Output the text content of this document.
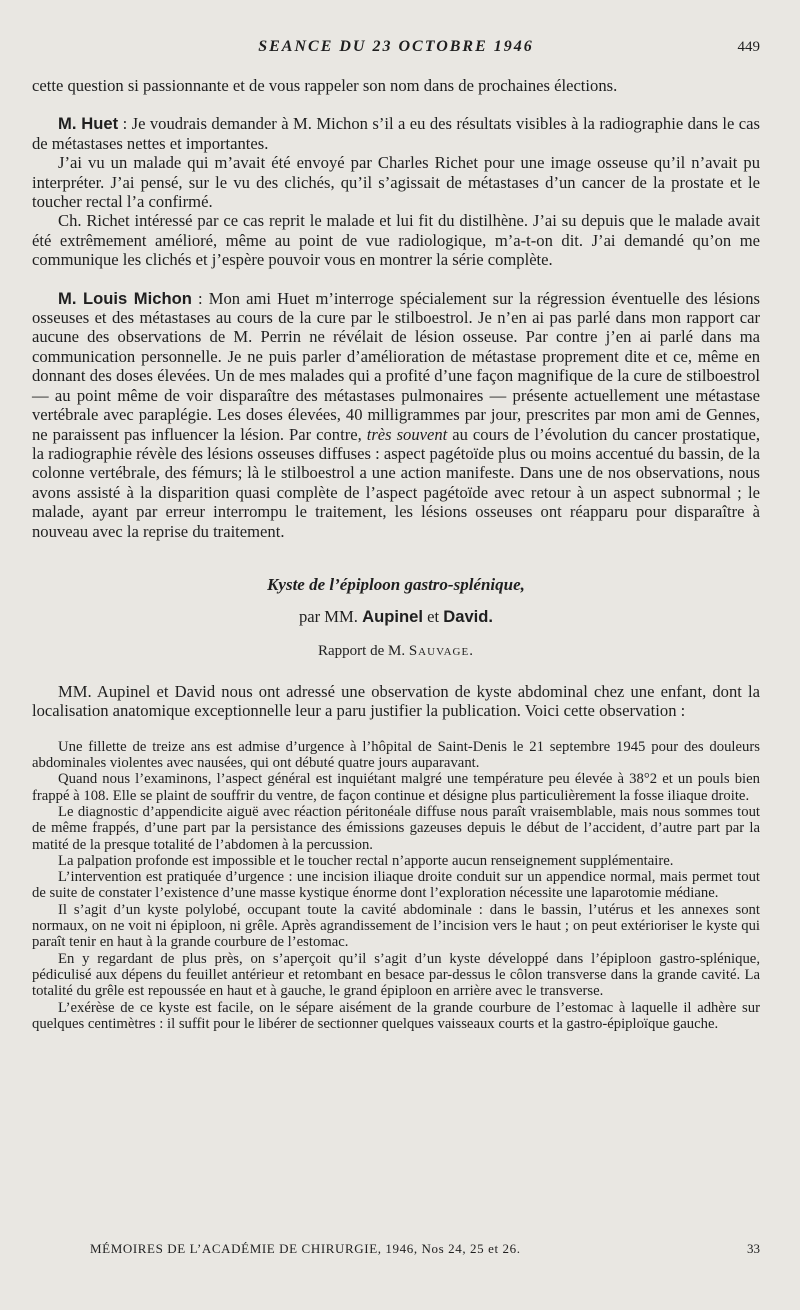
SEANCE DU 23 OCTOBRE 1946	449

cette question si passionnante et de vous rappeler son nom dans de prochaines élections.

M. Huet : Je voudrais demander à M. Michon s’il a eu des résultats visibles à la radiographie dans le cas de métastases nettes et importantes.

J’ai vu un malade qui m’avait été envoyé par Charles Richet pour une image osseuse qu’il n’avait pu interpréter. J’ai pensé, sur le vu des clichés, qu’il s’agissait de métastases d’un cancer de la prostate et le toucher rectal l’a confirmé.

Ch. Richet intéressé par ce cas reprit le malade et lui fit du distilhène. J’ai su depuis que le malade avait été extrêmement amélioré, même au point de vue radiologique, m’a-t-on dit. J’ai demandé qu’on me communique les clichés et j’espère pouvoir vous en montrer la série complète.

M. Louis Michon : Mon ami Huet m’interroge spécialement sur la régression éventuelle des lésions osseuses et des métastases au cours de la cure par le stilboestrol. Je n’en ai pas parlé dans mon rapport car aucune des observations de M. Perrin ne révélait de lésion osseuse. Par contre j’en ai parlé dans ma communication personnelle. Je ne puis parler d’amélioration de métastase proprement dite et ce, même en donnant des doses élevées. Un de mes malades qui a profité d’une façon magnifique de la cure de stilboestrol — au point même de voir disparaître des métastases pulmonaires — présente actuellement une métastase vertébrale avec paraplégie. Les doses élevées, 40 milligrammes par jour, prescrites par mon ami de Gennes, ne paraissent pas influencer la lésion. Par contre, très souvent au cours de l’évolution du cancer prostatique, la radiographie révèle des lésions osseuses diffuses : aspect pagétoïde plus ou moins accentué du bassin, de la colonne vertébrale, des fémurs; là le stilboestrol a une action manifeste. Dans une de nos observations, nous avons assisté à la disparition quasi complète de l’aspect pagétoïde avec retour à un aspect subnormal ; le malade, ayant par erreur interrompu le traitement, les lésions osseuses ont réapparu pour disparaître à nouveau avec la reprise du traitement.

Kyste de l’épiploon gastro-splénique,
par MM. Aupinel et David.
Rapport de M. Sauvage.

MM. Aupinel et David nous ont adressé une observation de kyste abdominal chez une enfant, dont la localisation anatomique exceptionnelle leur a paru justifier la publication. Voici cette observation :

Une fillette de treize ans est admise d’urgence à l’hôpital de Saint-Denis le 21 septembre 1945 pour des douleurs abdominales violentes avec nausées, qui ont débuté quatre jours auparavant.

Quand nous l’examinons, l’aspect général est inquiétant malgré une température peu élevée à 38°2 et un pouls bien frappé à 108. Elle se plaint de souffrir du ventre, de façon continue et désigne plus particulièrement la fosse iliaque droite.

Le diagnostic d’appendicite aiguë avec réaction péritonéale diffuse nous paraît vraisemblable, mais nous sommes tout de même frappés, d’une part par la persistance des émissions gazeuses depuis le début de l’accident, d’autre part par la matité de la presque totalité de l’abdomen à la percussion.

La palpation profonde est impossible et le toucher rectal n’apporte aucun renseignement supplémentaire.

L’intervention est pratiquée d’urgence : une incision iliaque droite conduit sur un appendice normal, mais permet tout de suite de constater l’existence d’une masse kystique énorme dont l’exploration nécessite une laparotomie médiane.

Il s’agit d’un kyste polylobé, occupant toute la cavité abdominale : dans le bassin, l’utérus et les annexes sont normaux, on ne voit ni épiploon, ni grêle. Après agrandissement de l’incision vers le haut ; on peut extérioriser le kyste qui paraît tenir en haut à la grande courbure de l’estomac.

En y regardant de plus près, on s’aperçoit qu’il s’agit d’un kyste développé dans l’épiploon gastro-splénique, pédiculisé aux dépens du feuillet antérieur et retombant en besace par-dessus le côlon transverse dans la grande cavité. La totalité du grêle est repoussée en haut et à gauche, le grand épiploon en arrière avec le transverse.

L’exérèse de ce kyste est facile, on le sépare aisément de la grande courbure de l’estomac à laquelle il adhère sur quelques centimètres : il suffit pour le libérer de sectionner quelques vaisseaux courts et la gastro-épiploïque gauche.

MÉMOIRES DE L’ACADÉMIE DE CHIRURGIE, 1946, Nos 24, 25 et 26.	33
